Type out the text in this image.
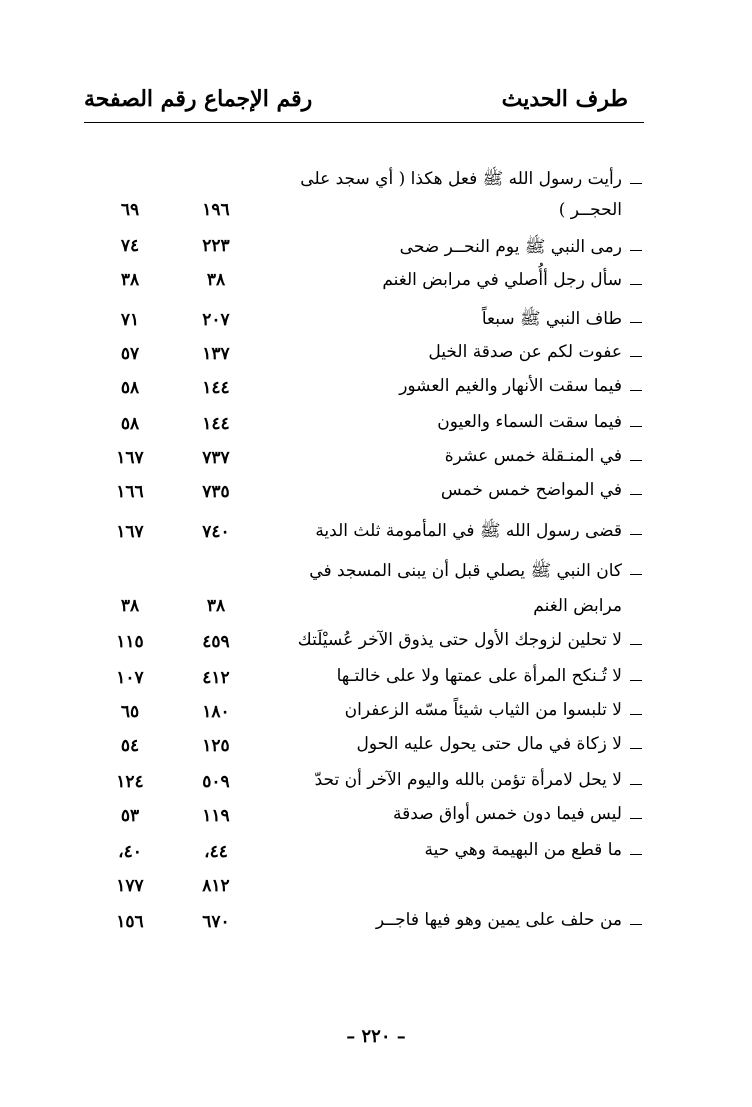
طرف الحديث
رقم الإجماع
رقم الصفحة
رأيت رسول الله ﷺ فعل هكذا ( أي سجد على
الحجــر )
١٩٦
٦٩
رمى النبي ﷺ يوم النحــر ضحى
٢٢٣
٧٤
سأل رجل أأُصلي في مرابض الغنم
٣٨
٣٨
طاف النبي ﷺ سبعاً
٢٠٧
٧١
عفوت لكم عن صدقة الخيل
١٣٧
٥٧
فيما سقت الأنهار والغيم العشور
١٤٤
٥٨
فيما سقت السماء والعيون
١٤٤
٥٨
في المنـقلة خمس عشرة
٧٣٧
١٦٧
في المواضح خمس خمس
٧٣٥
١٦٦
قضى رسول الله ﷺ في المأمومة ثلث الدية
٧٤٠
١٦٧
كان النبي ﷺ يصلي قبل أن يبنى المسجد في
مرابض الغنم
٣٨
٣٨
لا تحلين لزوجك الأول حتى يذوق الآخر عُسيْلَتك
٤٥٩
١١٥
لا تُـنكح المرأة على عمتها ولا على خالتـها
٤١٢
١٠٧
لا تلبسوا من الثياب شيئاً مسّه الزعفران
١٨٠
٦٥
لا زكاة في مال حتى يحول عليه الحول
١٢٥
٥٤
لا يحل لامرأة تؤمن بالله واليوم الآخر أن تحدّ
٥٠٩
١٢٤
ليس فيما دون خمس أواق صدقة
١١٩
٥٣
ما قطع من البهيمة وهي حية
٤٤،
٤٠،
٨١٢
١٧٧
من حلف على يمين وهو فيها فاجــر
٦٧٠
١٥٦
– ٢٢٠ –
